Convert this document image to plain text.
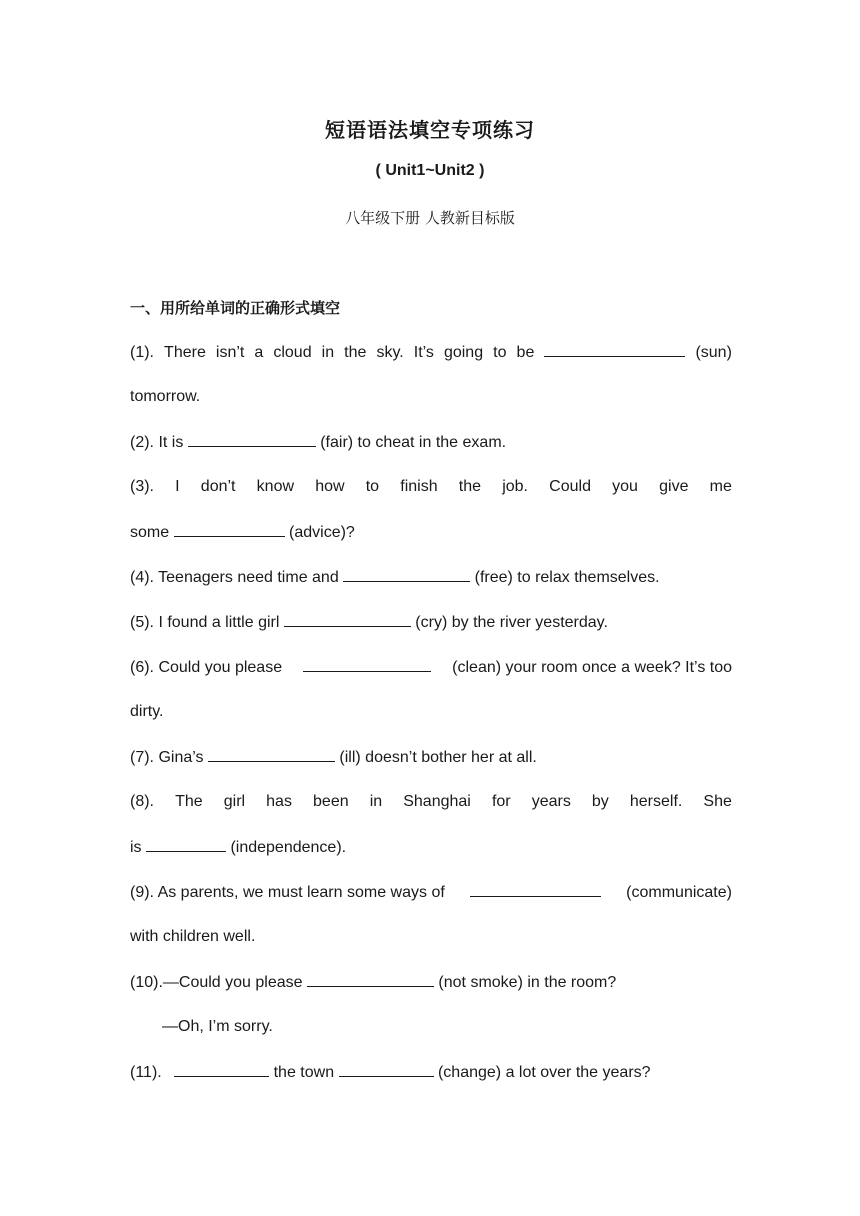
短语语法填空专项练习
( Unit1~Unit2 )
八年级下册 人教新目标版
一、用所给单词的正确形式填空
(1). There isn’t a cloud in the sky. It’s going to be	(sun)
tomorrow.
(2). It is	(fair) to cheat in the exam.
(3). I don’t know how to finish the job. Could you give me
some	(advice)?
(4). Teenagers need time and	(free) to relax themselves.
(5). I found a little girl	(cry) by the river yesterday.
(6). Could you please	(clean) your room once a week? It’s too
dirty.
(7). Gina’s	(ill) doesn’t bother her at all.
(8). The girl has been in Shanghai for years by herself. She
is	(independence).
(9). As parents, we must learn some ways of	(communicate)
with children well.
(10).—Could you please	(not smoke) in the room?
—Oh, I’m sorry.
(11).	the town	(change) a lot over the years?
